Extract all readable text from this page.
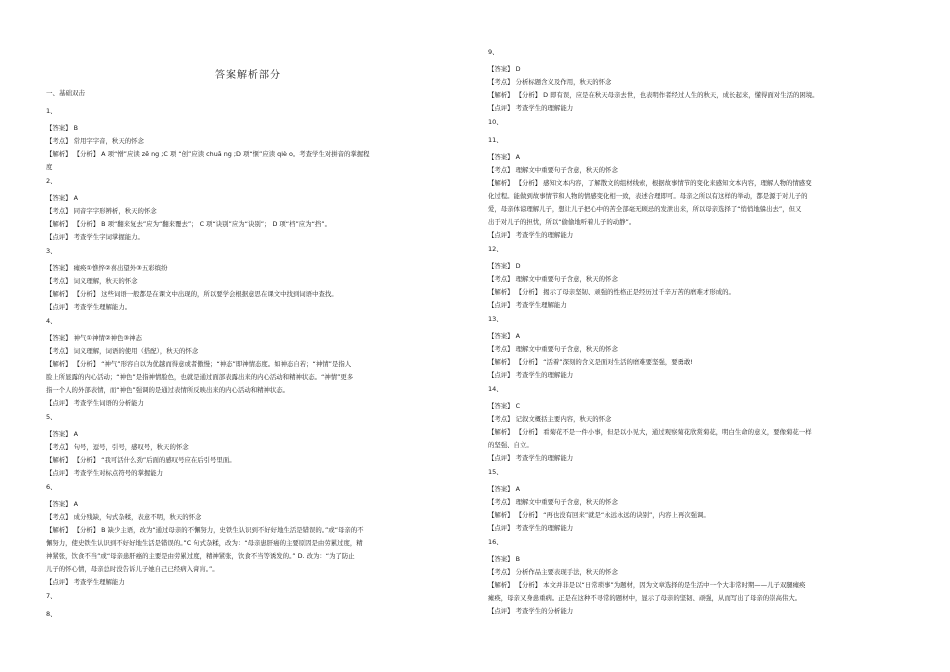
答案解析部分
一、基础双击
1、
【答案】 B
【考点】 常用字字音，秋天的怀念
【解析】 【分析】 A 项“憎”应读 zē ng ;C 项 “创”应读 chuā ng ;D 项“惬”应读 qiè o。考查学生对拼音的掌握程
度
2、
【答案】 A
【考点】 同音字字形辨析，秋天的怀念
【解析】 【分析】 B 项“翻来复去”应为“翻来覆去”； C 项“诀别”应为“诀别”； D 项“档”应为“挡”。
【点评】 考查学生字词掌握能力。
3、
【答案】 瘫痪①憔悴②喜出望外③五彩缤纷
【考点】 词义理解，秋天的怀念
【解析】 【分析】 这些词语一般都是在课文中出现的，所以要学会根据意思在课文中找到词语中查找。
【点评】 考查学生理解能力。
4、
【答案】 神气①神情②神色③神态
【考点】 词义理解，词语的使用（搭配），秋天的怀念
【解析】 【分析】 “神气”形容自以为优越而得意或者傲慢；“神态”即神情态度。如神态自若；“神情”是指人
脸上所显露的内心活动；“神色”是指神情脸色，也就是通过面部表露出来的内心活动和精神状态。“神情”更多
指一个人的外部表情，而“神色”强调的是通过表情所反映出来的内心活动和精神状态。
【点评】 考查学生词语的分析能力
5、
【答案】 A
【考点】 句号，逗号，引号，感叹号，秋天的怀念
【解析】 【分析】 “我可活什么劲”后面的感叹号应在后引号里面。
【点评】 考查学生对标点符号的掌握能力
6、
【答案】 A
【考点】 成分残缺，句式杂糅，表意不明，秋天的怀念
【解析】 【分析】 B 缺少主语，改为“通过母亲的不懈努力，史铁生认识到不好好地生活是错误的。”或“母亲的不
懈努力，使史铁生认识到不好好地生活是错误的。”C 句式杂糅，改为：“母亲患肝癌的主要原因是由劳累过度，精
神紧张，饮食不当”或“母亲患肝癌的主要是由劳累过度，精神紧张，饮食不当等诱发的。” D. 改为：“为了防止
儿子的怀心情，母亲总时没告诉儿子她自己已经病入膏肓。”。
【点评】 考查学生理解能力
7、
8、
9、
【答案】 D
【考点】 分析标题含义及作用，秋天的怀念
【解析】 【分析】 D 即有误，应是在秋天母亲去世，也表明作者经过人生的秋天，成长起来，懂得面对生活的困境。
【点评】 考查学生的理解能力
10、
11、
【答案】 A
【考点】 理解文中重要句子含意，秋天的怀念
【解析】 【分析】 感知文本内容，了解散文的组材线索，根据故事情节的变化来感知文本内容，理解人物的情感变
化过程。能做到故事情节和人物的情感变化相一致，表述合理即可。母亲之所以有这样的举动，都是源于对儿子的
爱，母亲体谅理解儿子，想让儿子把心中的苦全部毫无顾忌的发泄出来，所以母亲选择了“悄悄地躲出去”，但又
出于对儿子的担忧，所以“偷偷地听着儿子的动静”。
【点评】 考查学生的理解能力
12、
【答案】 D
【考点】 理解文中重要句子含意，秋天的怀念
【解析】 【分析】 揭示了母亲坚韧、顽强的性格正是经历过千辛万苦的磨难才形成的。
【点评】 考查学生理解能力
13、
【答案】 A
【考点】 理解文中重要句子含意，秋天的怀念
【解析】 【分析】 “活着”深刻的含义是面对生活的磨难要坚强，要勇敢!
【点评】 考查学生的理解能力
14、
【答案】 C
【考点】 记叙文概括主要内容，秋天的怀念
【解析】 【分析】 看菊花不是一件小事，但是以小见大，通过观察菊花欣赏菊花，明白生命的意义，要像菊花一样
的坚强、自立。
【点评】 考查学生的理解能力
15、
【答案】 A
【考点】 理解文中重要句子含意，秋天的怀念
【解析】 【分析】 “再也没有回来”就是“永远永远的诀别”，内容上再次强调。
【点评】 考查学生的理解能力
16、
【答案】 B
【考点】 分析作品主要表现手法，秋天的怀念
【解析】 【分析】 本文并非是以“日常琐事”为题材，因为文章选择的是生活中一个大非常时期——儿子双腿瘫痪
瘫痪，母亲又身患重病。正是在这种不寻常的题材中，显示了母亲的坚韧、顽强，从而写出了母亲的崇高伟大。
【点评】 考查学生的分析能力
